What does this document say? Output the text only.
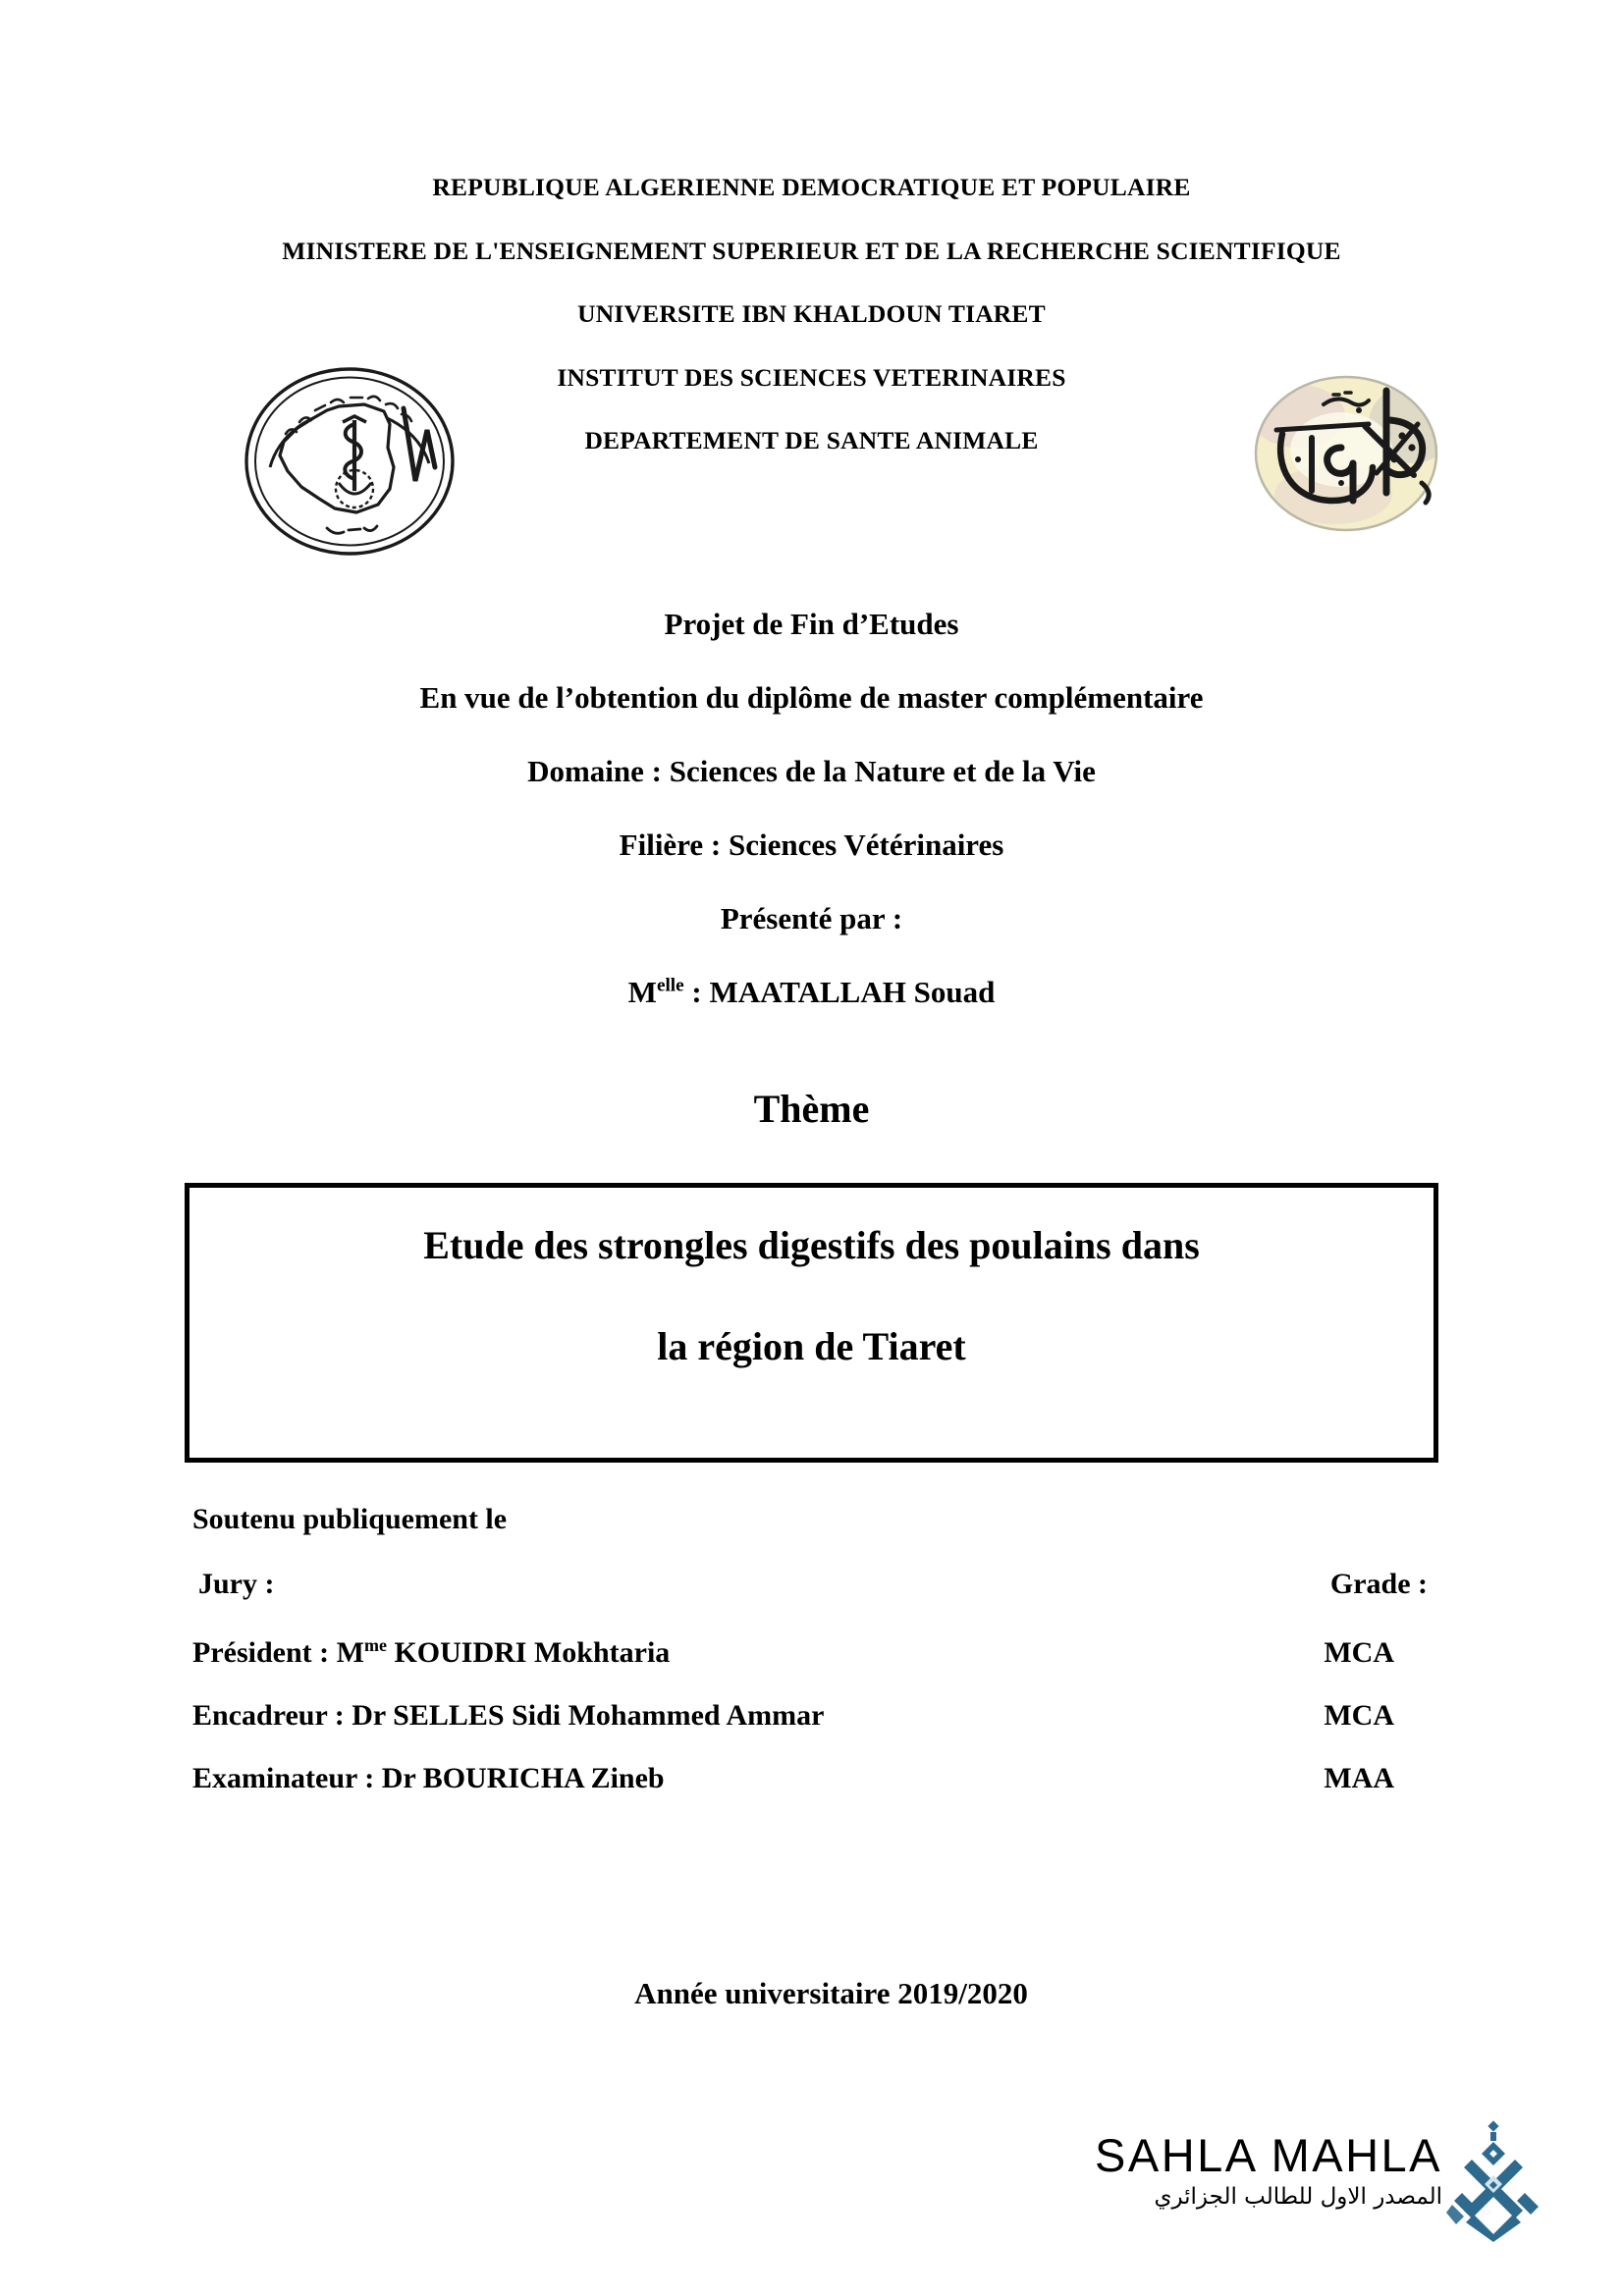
REPUBLIQUE ALGERIENNE DEMOCRATIQUE ET POPULAIRE
MINISTERE DE L'ENSEIGNEMENT SUPERIEUR ET DE LA RECHERCHE SCIENTIFIQUE
UNIVERSITE IBN KHALDOUN TIARET
INSTITUT DES SCIENCES VETERINAIRES
DEPARTEMENT DE SANTE ANIMALE
Projet de Fin d’Etudes
En vue de l’obtention du diplôme de master complémentaire
Domaine : Sciences de la Nature et de la Vie
Filière : Sciences Vétérinaires
Présenté par :
$M^{elle}$ : MAATALLAH Souad
Thème
Etude des strongles digestifs des poulains dans
la région de Tiaret
Soutenu publiquement le
Jury :	Grade :
Président : $M^{me}$ KOUIDRI Mokhtaria	MCA
Encadreur : Dr SELLES Sidi Mohammed Ammar	MCA
Examinateur : Dr BOURICHA Zineb	MAA
Année universitaire 2019/2020
SAHLA MAHLA
المصدر الاول للطالب الجزائري
